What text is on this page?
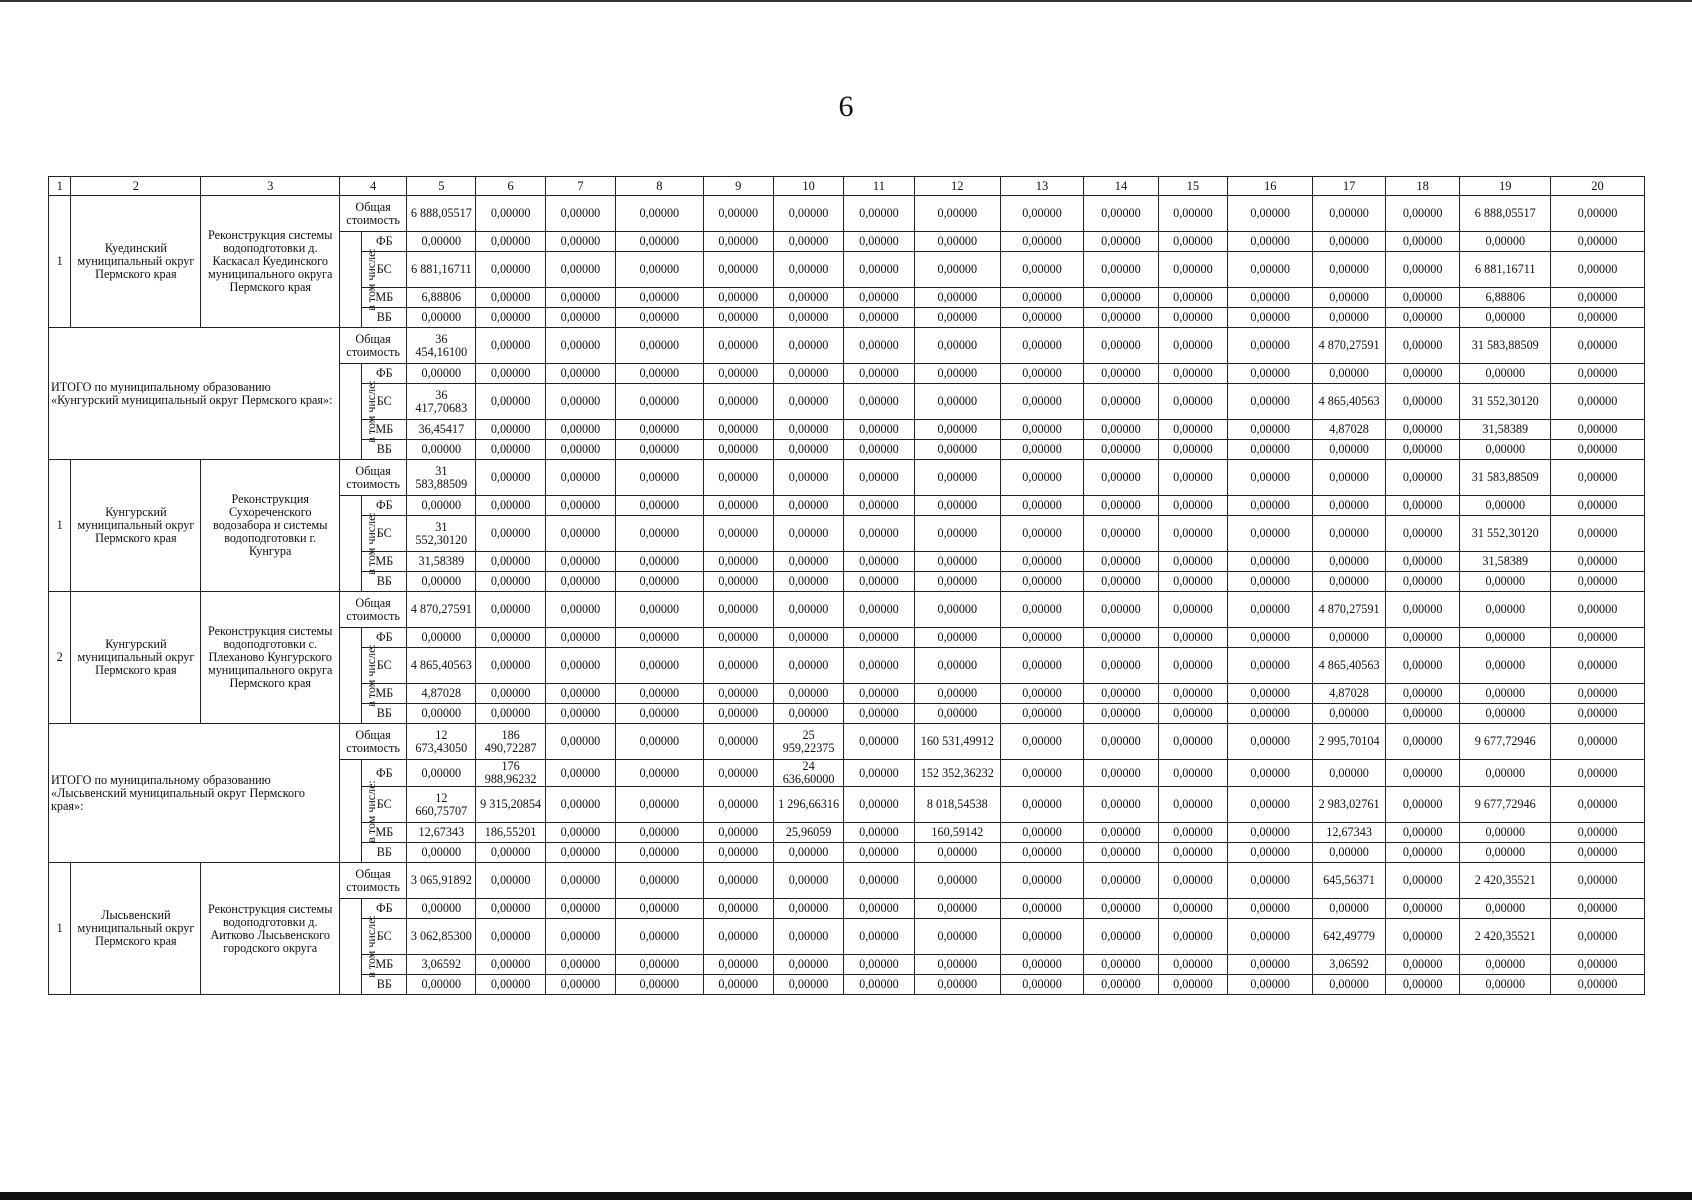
6
1	2	3	4		5	6	7	8	9	10	11	12	13	14	15	16	17	18	19	20
1	Куединский муниципальный округ Пермского края	Реконструкция системы водоподготовки д. Каскасал Куединского муниципального округа Пермского края	Общая стоимость		6 888,05517	0,00000	0,00000	0,00000	0,00000	0,00000	0,00000	0,00000	0,00000	0,00000	0,00000	0,00000	0,00000	0,00000	6 888,05517	0,00000
			в том числе:	ФБ	0,00000	0,00000	0,00000	0,00000	0,00000	0,00000	0,00000	0,00000	0,00000	0,00000	0,00000	0,00000	0,00000	0,00000	0,00000	0,00000
				БС	6 881,16711	0,00000	0,00000	0,00000	0,00000	0,00000	0,00000	0,00000	0,00000	0,00000	0,00000	0,00000	0,00000	0,00000	6 881,16711	0,00000
				МБ	6,88806	0,00000	0,00000	0,00000	0,00000	0,00000	0,00000	0,00000	0,00000	0,00000	0,00000	0,00000	0,00000	0,00000	6,88806	0,00000
				ВБ	0,00000	0,00000	0,00000	0,00000	0,00000	0,00000	0,00000	0,00000	0,00000	0,00000	0,00000	0,00000	0,00000	0,00000	0,00000	0,00000
ИТОГО по муниципальному образованию «Кунгурский муниципальный округ Пермского края»:			Общая стоимость		36 454,16100	0,00000	0,00000	0,00000	0,00000	0,00000	0,00000	0,00000	0,00000	0,00000	0,00000	0,00000	4 870,27591	0,00000	31 583,88509	0,00000
			в том числе:	ФБ	0,00000	0,00000	0,00000	0,00000	0,00000	0,00000	0,00000	0,00000	0,00000	0,00000	0,00000	0,00000	0,00000	0,00000	0,00000	0,00000
				БС	36 417,70683	0,00000	0,00000	0,00000	0,00000	0,00000	0,00000	0,00000	0,00000	0,00000	0,00000	0,00000	4 865,40563	0,00000	31 552,30120	0,00000
				МБ	36,45417	0,00000	0,00000	0,00000	0,00000	0,00000	0,00000	0,00000	0,00000	0,00000	0,00000	0,00000	4,87028	0,00000	31,58389	0,00000
				ВБ	0,00000	0,00000	0,00000	0,00000	0,00000	0,00000	0,00000	0,00000	0,00000	0,00000	0,00000	0,00000	0,00000	0,00000	0,00000	0,00000
1	Кунгурский муниципальный округ Пермского края	Реконструкция Сухореченского водозабора и системы водоподготовки г. Кунгура	Общая стоимость		31 583,88509	0,00000	0,00000	0,00000	0,00000	0,00000	0,00000	0,00000	0,00000	0,00000	0,00000	0,00000	0,00000	0,00000	31 583,88509	0,00000
			в том числе:	ФБ	0,00000	0,00000	0,00000	0,00000	0,00000	0,00000	0,00000	0,00000	0,00000	0,00000	0,00000	0,00000	0,00000	0,00000	0,00000	0,00000
				БС	31 552,30120	0,00000	0,00000	0,00000	0,00000	0,00000	0,00000	0,00000	0,00000	0,00000	0,00000	0,00000	0,00000	0,00000	31 552,30120	0,00000
				МБ	31,58389	0,00000	0,00000	0,00000	0,00000	0,00000	0,00000	0,00000	0,00000	0,00000	0,00000	0,00000	0,00000	0,00000	31,58389	0,00000
				ВБ	0,00000	0,00000	0,00000	0,00000	0,00000	0,00000	0,00000	0,00000	0,00000	0,00000	0,00000	0,00000	0,00000	0,00000	0,00000	0,00000
2	Кунгурский муниципальный округ Пермского края	Реконструкция системы водоподготовки с. Плеханово Кунгурского муниципального округа Пермского края	Общая стоимость		4 870,27591	0,00000	0,00000	0,00000	0,00000	0,00000	0,00000	0,00000	0,00000	0,00000	0,00000	0,00000	4 870,27591	0,00000	0,00000	0,00000
			в том числе:	ФБ	0,00000	0,00000	0,00000	0,00000	0,00000	0,00000	0,00000	0,00000	0,00000	0,00000	0,00000	0,00000	0,00000	0,00000	0,00000	0,00000
				БС	4 865,40563	0,00000	0,00000	0,00000	0,00000	0,00000	0,00000	0,00000	0,00000	0,00000	0,00000	0,00000	4 865,40563	0,00000	0,00000	0,00000
				МБ	4,87028	0,00000	0,00000	0,00000	0,00000	0,00000	0,00000	0,00000	0,00000	0,00000	0,00000	0,00000	4,87028	0,00000	0,00000	0,00000
				ВБ	0,00000	0,00000	0,00000	0,00000	0,00000	0,00000	0,00000	0,00000	0,00000	0,00000	0,00000	0,00000	0,00000	0,00000	0,00000	0,00000
ИТОГО по муниципальному образованию «Лысьвенский муниципальный округ Пермского края»:			Общая стоимость		12 673,43050	186 490,72287	0,00000	0,00000	0,00000	25 959,22375	0,00000	160 531,49912	0,00000	0,00000	0,00000	0,00000	2 995,70104	0,00000	9 677,72946	0,00000
			в том числе:	ФБ	0,00000	176 988,96232	0,00000	0,00000	0,00000	24 636,60000	0,00000	152 352,36232	0,00000	0,00000	0,00000	0,00000	0,00000	0,00000	0,00000	0,00000
				БС	12 660,75707	9 315,20854	0,00000	0,00000	0,00000	1 296,66316	0,00000	8 018,54538	0,00000	0,00000	0,00000	0,00000	2 983,02761	0,00000	9 677,72946	0,00000
				МБ	12,67343	186,55201	0,00000	0,00000	0,00000	25,96059	0,00000	160,59142	0,00000	0,00000	0,00000	0,00000	12,67343	0,00000	0,00000	0,00000
				ВБ	0,00000	0,00000	0,00000	0,00000	0,00000	0,00000	0,00000	0,00000	0,00000	0,00000	0,00000	0,00000	0,00000	0,00000	0,00000	0,00000
1	Лысьвенский муниципальный округ Пермского края	Реконструкция системы водоподготовки д. Аитково Лысьвенского городского округа	Общая стоимость		3 065,91892	0,00000	0,00000	0,00000	0,00000	0,00000	0,00000	0,00000	0,00000	0,00000	0,00000	0,00000	645,56371	0,00000	2 420,35521	0,00000
			в том числе:	ФБ	0,00000	0,00000	0,00000	0,00000	0,00000	0,00000	0,00000	0,00000	0,00000	0,00000	0,00000	0,00000	0,00000	0,00000	0,00000	0,00000
				БС	3 062,85300	0,00000	0,00000	0,00000	0,00000	0,00000	0,00000	0,00000	0,00000	0,00000	0,00000	0,00000	642,49779	0,00000	2 420,35521	0,00000
				МБ	3,06592	0,00000	0,00000	0,00000	0,00000	0,00000	0,00000	0,00000	0,00000	0,00000	0,00000	0,00000	3,06592	0,00000	0,00000	0,00000
				ВБ	0,00000	0,00000	0,00000	0,00000	0,00000	0,00000	0,00000	0,00000	0,00000	0,00000	0,00000	0,00000	0,00000	0,00000	0,00000	0,00000
